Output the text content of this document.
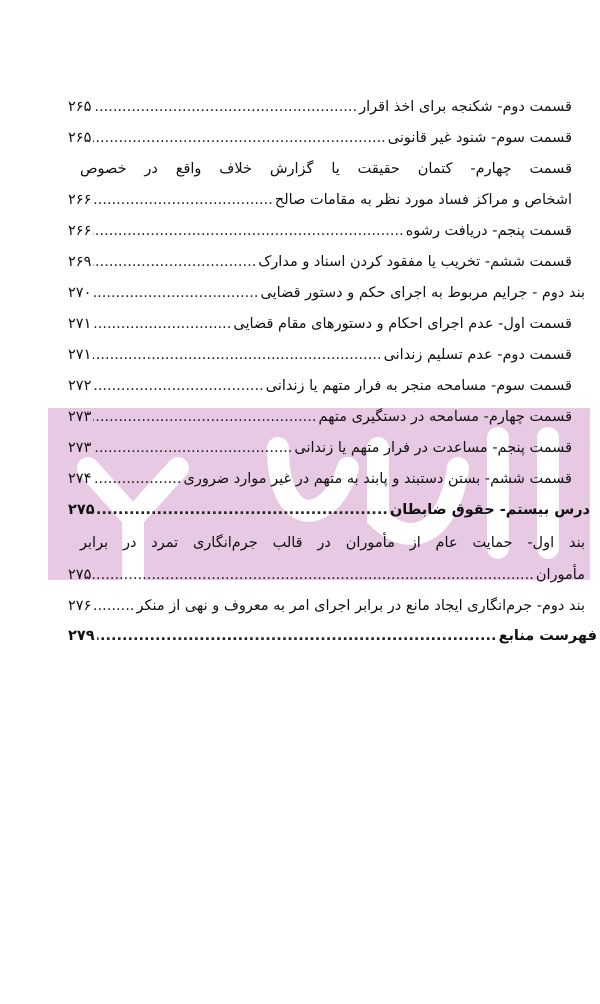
قسمت دوم- شکنجه برای اخذ اقرار
.....
۲۶۵
قسمت سوم- شنود غیر قانونی
.....
۲۶۵
قسمت چهارم- کتمان حقیقت یا گزارش خلاف واقع در خصوص
اشخاص و مراکز فساد مورد نظر به مقامات صالح
.....
۲۶۶
قسمت پنجم- دریافت رشوه
.....
۲۶۶
قسمت ششم- تخریب یا مفقود کردن اسناد و مدارک
.....
۲۶۹
بند دوم - جرایم مربوط به اجرای حکم و دستور قضایی
.....
۲۷۰
قسمت اول- عدم اجرای احکام و دستورهای مقام قضایی
.....
۲۷۱
قسمت دوم- عدم تسلیم زندانی
.....
۲۷۱
قسمت سوم- مسامحه منجر به فرار متهم یا زندانی
.....
۲۷۲
قسمت چهارم- مسامحه در دستگیری متهم
.....
۲۷۳
قسمت پنجم- مساعدت در فرار متهم یا زندانی
.....
۲۷۳
قسمت ششم- بستن دستبند و پابند به متهم در غیر موارد ضروری
.....
۲۷۴
درس بیستم- حقوق ضابطان
.....
۲۷۵
بند اول- حمایت عام از مأموران در قالب جرم‌انگاری تمرد در برابر
مأموران
.....
۲۷۵
بند دوم- جرم‌انگاری ایجاد مانع در برابر اجرای امر به معروف و نهی از منکر
.....
۲۷۶
فهرست منابع
.....
۲۷۹
